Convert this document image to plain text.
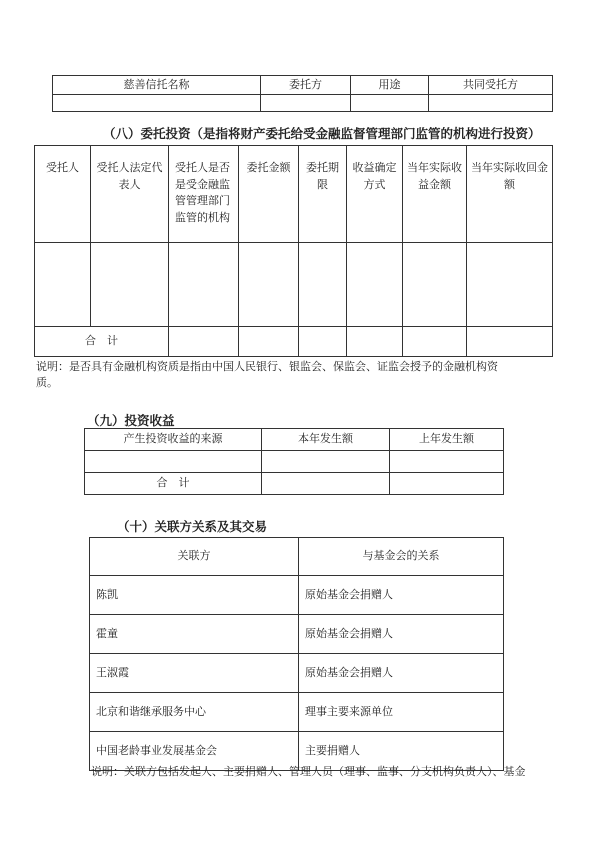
慈善信托名称	委托方	用途	共同受托方

（八）委托投资（是指将财产委托给受金融监督管理部门监管的机构进行投资）
受托人	受托人法定代表人	受托人是否是受金融监管管理部门监管的机构	委托金额	委托期限	收益确定方式	当年实际收益金额	当年实际收回金额

合　计							
说明：是否具有金融机构资质是指由中国人民银行、银监会、保监会、证监会授予的金融机构资质。
（九）投资收益
产生投资收益的来源	本年发生额	上年发生额

合　计		
（十）关联方关系及其交易
关联方	与基金会的关系
陈凯	原始基金会捐赠人
霍童	原始基金会捐赠人
王淑霞	原始基金会捐赠人
北京和谐继承服务中心	理事主要来源单位
中国老龄事业发展基金会	主要捐赠人
说明：关联方包括发起人、主要捐赠人、管理人员（理事、监事、分支机构负责人）、基金
